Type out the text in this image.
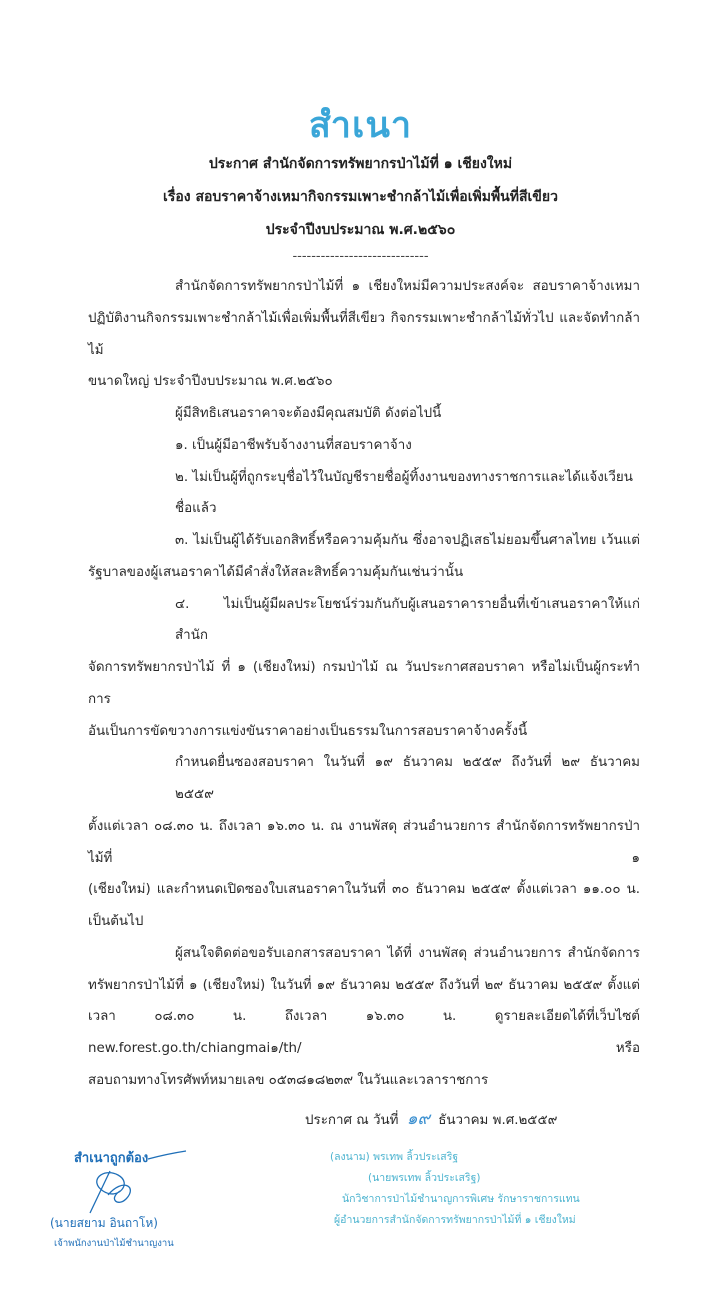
สำเนา
ประกาศ สำนักจัดการทรัพยากรป่าไม้ที่ ๑ เชียงใหม่
เรื่อง สอบราคาจ้างเหมากิจกรรมเพาะชำกล้าไม้เพื่อเพิ่มพื้นที่สีเขียว
ประจำปีงบประมาณ พ.ศ.๒๕๖๐
-----------------------------
สำนักจัดการทรัพยากรป่าไม้ที่ ๑ เชียงใหม่มีความประสงค์จะ สอบราคาจ้างเหมา
ปฏิบัติงานกิจกรรมเพาะชำกล้าไม้เพื่อเพิ่มพื้นที่สีเขียว กิจกรรมเพาะชำกล้าไม้ทั่วไป และจัดทำกล้าไม้
ขนาดใหญ่ ประจำปีงบประมาณ พ.ศ.๒๕๖๐
ผู้มีสิทธิเสนอราคาจะต้องมีคุณสมบัติ ดังต่อไปนี้
๑. เป็นผู้มีอาชีพรับจ้างงานที่สอบราคาจ้าง
๒. ไม่เป็นผู้ที่ถูกระบุชื่อไว้ในบัญชีรายชื่อผู้ทิ้งงานของทางราชการและได้แจ้งเวียนชื่อแล้ว
๓. ไม่เป็นผู้ได้รับเอกสิทธิ์หรือความคุ้มกัน ซึ่งอาจปฏิเสธไม่ยอมขึ้นศาลไทย เว้นแต่
รัฐบาลของผู้เสนอราคาได้มีคำสั่งให้สละสิทธิ์ความคุ้มกันเช่นว่านั้น
๔. ไม่เป็นผู้มีผลประโยชน์ร่วมกันกับผู้เสนอราคารายอื่นที่เข้าเสนอราคาให้แก่สำนัก
จัดการทรัพยากรป่าไม้ ที่ ๑ (เชียงใหม่) กรมป่าไม้ ณ วันประกาศสอบราคา หรือไม่เป็นผู้กระทำการ
อันเป็นการขัดขวางการแข่งขันราคาอย่างเป็นธรรมในการสอบราคาจ้างครั้งนี้
กำหนดยื่นซองสอบราคา ในวันที่ ๑๙ ธันวาคม ๒๕๕๙ ถึงวันที่ ๒๙ ธันวาคม ๒๕๕๙
ตั้งแต่เวลา ๐๘.๓๐ น. ถึงเวลา ๑๖.๓๐ น. ณ งานพัสดุ ส่วนอำนวยการ สำนักจัดการทรัพยากรป่าไม้ที่ ๑
(เชียงใหม่) และกำหนดเปิดซองใบเสนอราคาในวันที่ ๓๐ ธันวาคม ๒๕๕๙ ตั้งแต่เวลา ๑๑.๐๐ น. เป็นต้นไป
ผู้สนใจติดต่อขอรับเอกสารสอบราคา ได้ที่ งานพัสดุ ส่วนอำนวยการ สำนักจัดการ
ทรัพยากรป่าไม้ที่ ๑ (เชียงใหม่) ในวันที่ ๑๙ ธันวาคม ๒๕๕๙ ถึงวันที่ ๒๙ ธันวาคม ๒๕๕๙ ตั้งแต่
เวลา ๐๘.๓๐ น. ถึงเวลา ๑๖.๓๐ น. ดูรายละเอียดได้ที่เว็บไซต์ new.forest.go.th/chiangmai๑/th/ หรือ
สอบถามทางโทรศัพท์หมายเลข ๐๕๓๘๑๘๒๓๙ ในวันและเวลาราชการ
ประกาศ ณ วันที่ ๑๙ ธันวาคม พ.ศ.๒๕๕๙
สำเนาถูกต้อง
(นายสยาม อินถาโห)
เจ้าพนักงานป่าไม้ชำนาญงาน
(ลงนาม) พรเทพ ลิ้วประเสริฐ
(นายพรเทพ ลิ้วประเสริฐ)
นักวิชาการป่าไม้ชำนาญการพิเศษ รักษาราชการแทน
ผู้อำนวยการสำนักจัดการทรัพยากรป่าไม้ที่ ๑ เชียงใหม่
